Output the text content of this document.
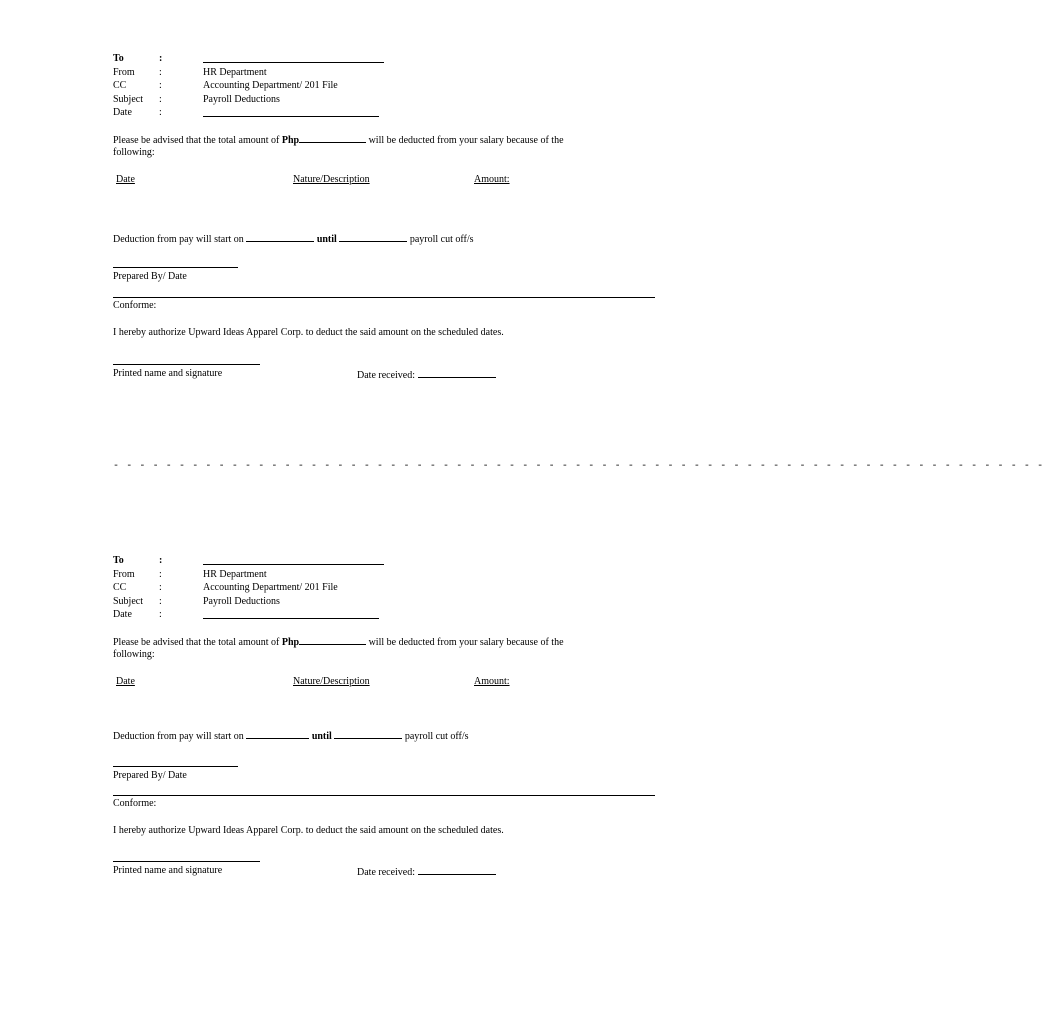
To	:
From :	HR Department
CC	:	Accounting Department/ 201 File
Subject :	Payroll Deductions
Date	:
Please be advised that the total amount of Php	will be deducted from your salary because of the
following:
Date	Nature/Description	Amount:
Deduction from pay will start on	until	payroll cut off/s
Prepared By/ Date
Conforme:
I hereby authorize Upward Ideas Apparel Corp. to deduct the said amount on the scheduled dates.
Printed name and signature	Date received:
- - - - - - - - - - - - - - - - - - - - - - - - - - - - - - - - - - - - - - - - - - - - - - - - - - - - - - - - - - - - - - - - - - - - - - -
To	:
From :	HR Department
CC	:	Accounting Department/ 201 File
Subject :	Payroll Deductions
Date	:
Please be advised that the total amount of Php	will be deducted from your salary because of the
following:
Date	Nature/Description	Amount:
Deduction from pay will start on	until	payroll cut off/s
Prepared By/ Date
Conforme:
I hereby authorize Upward Ideas Apparel Corp. to deduct the said amount on the scheduled dates.
Printed name and signature	Date received:
